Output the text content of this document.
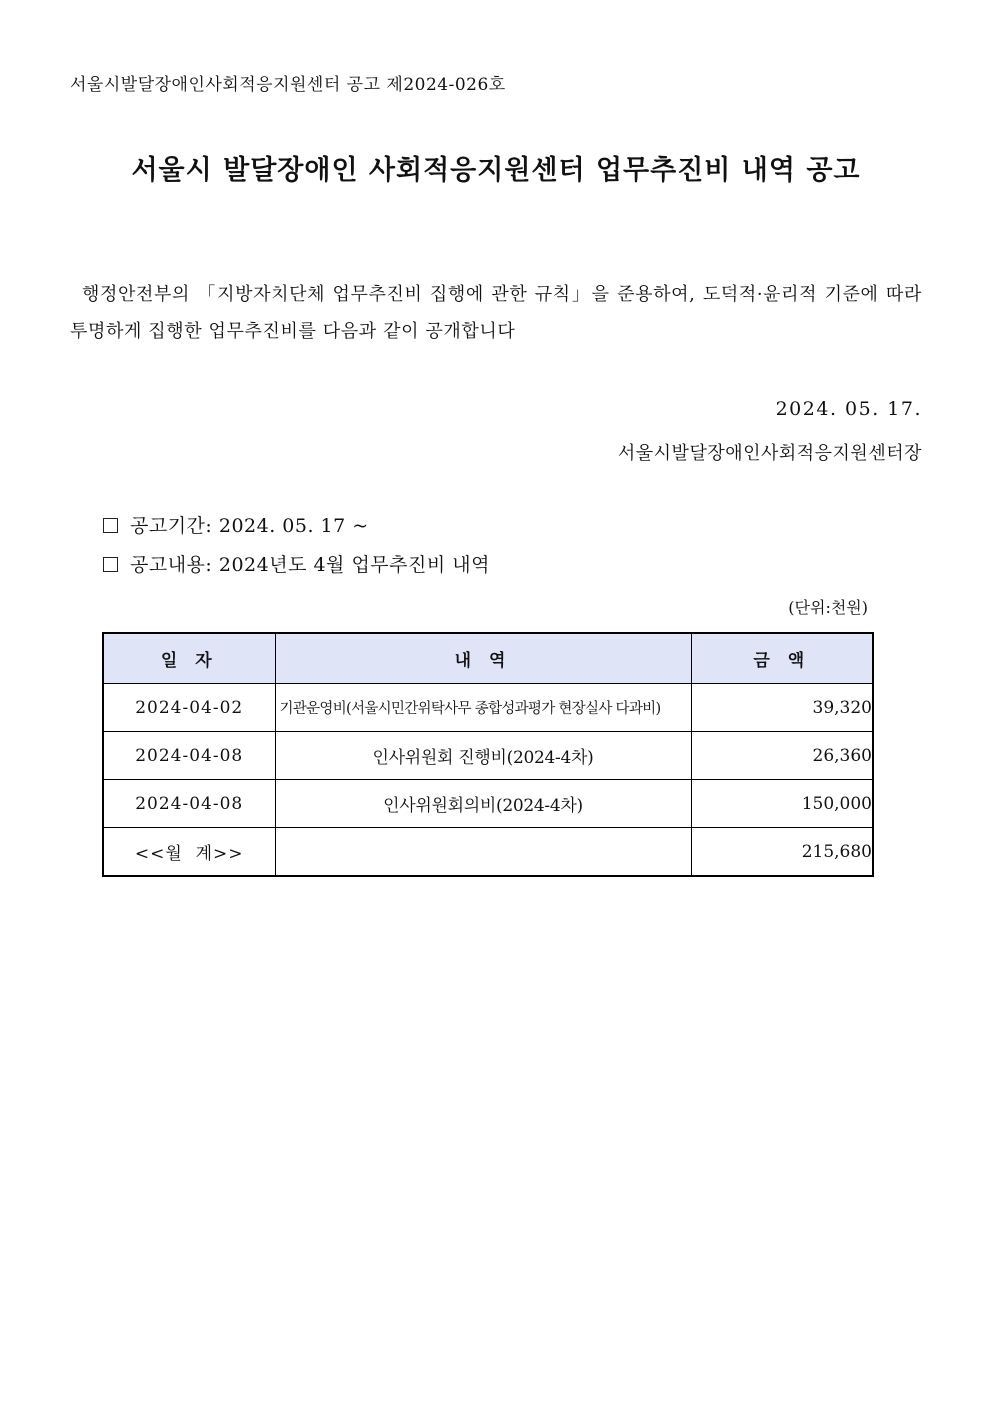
서울시발달장애인사회적응지원센터 공고 제2024-026호
서울시 발달장애인 사회적응지원센터 업무추진비 내역 공고

행정안전부의 「지방자치단체 업무추진비 집행에 관한 규칙」을 준용하여, 도덕적·윤리적 기준에 따라 투명하게 집행한 업무추진비를 다음과 같이 공개합니다

2024. 05. 17.
서울시발달장애인사회적응지원센터장
공고기간: 2024. 05. 17 ~
공고내용: 2024년도 4월 업무추진비 내역
(단위:천원)
일 자	내 역	금 액
2024-04-02	기관운영비(서울시민간위탁사무 종합성과평가 현장실사 다과비)	39,320
2024-04-08	인사위원회 진행비(2024-4차)	26,360
2024-04-08	인사위원회의비(2024-4차)	150,000
<<월  계>>		215,680
